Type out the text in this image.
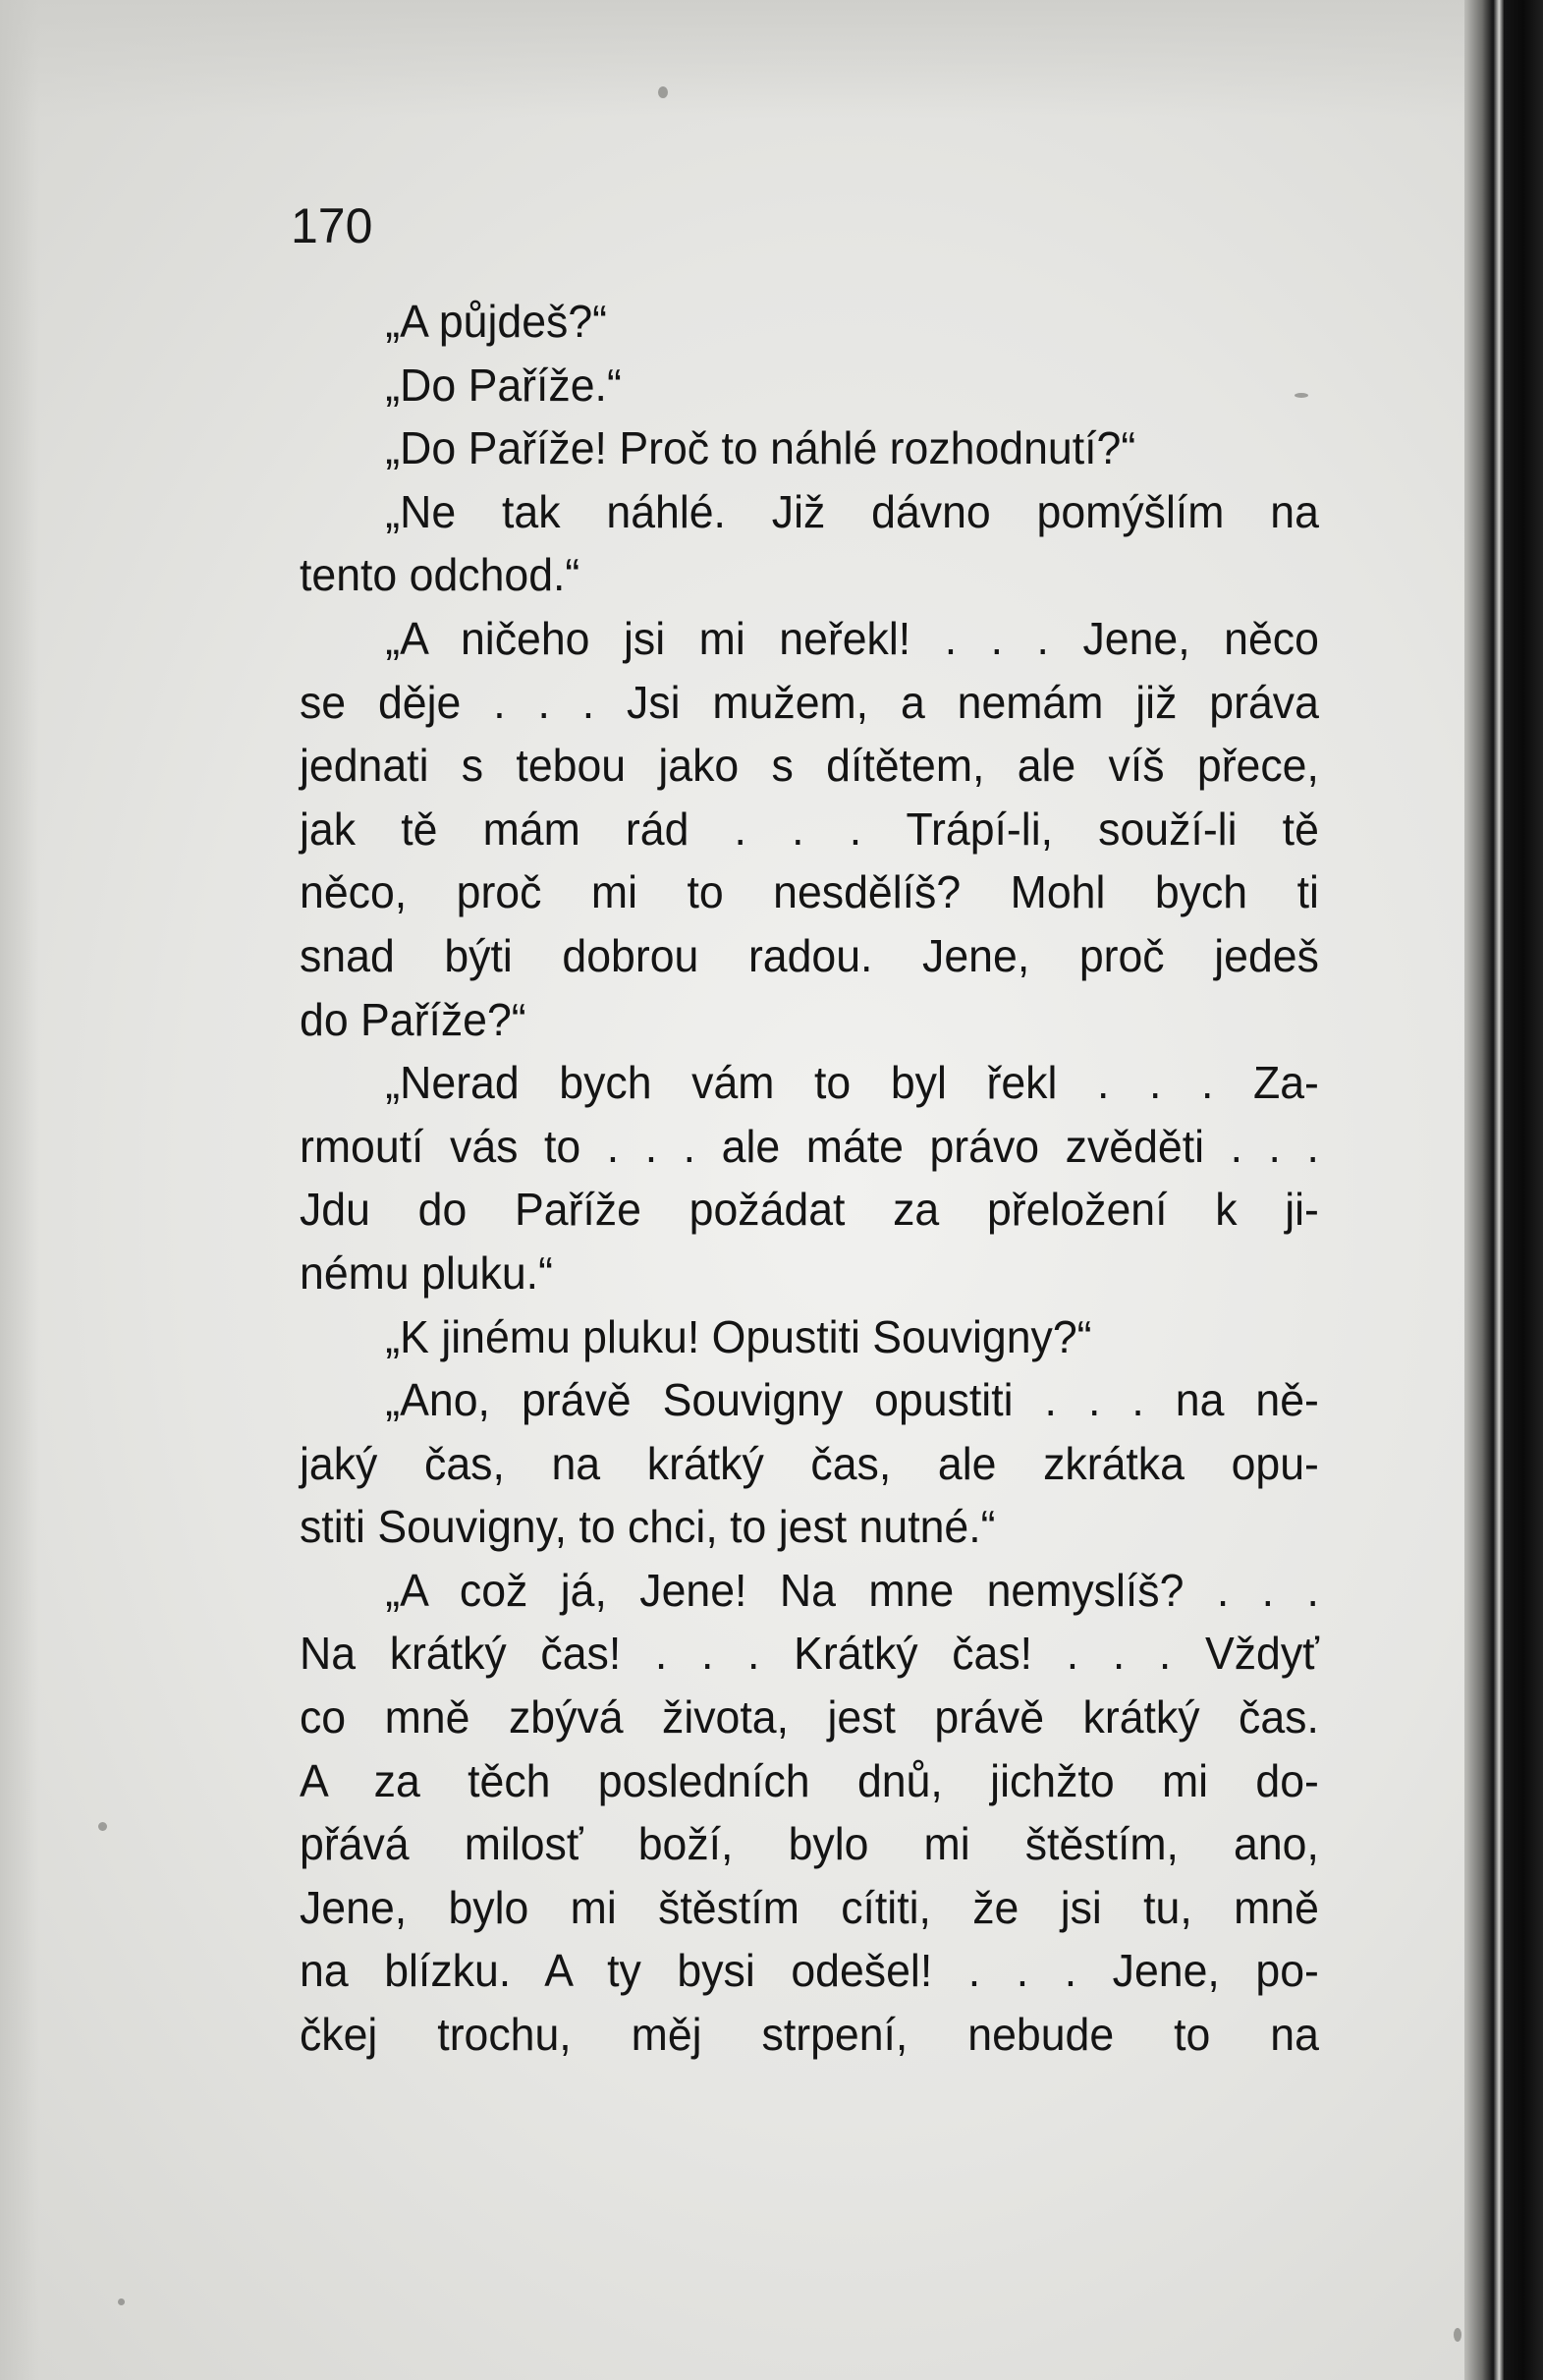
170
„A půjdeš?“
„Do Paříže.“
„Do Paříže! Proč to náhlé rozhodnutí?“
„Ne tak náhlé. Již dávno pomýšlím na
tento odchod.“
„A ničeho jsi mi neřekl! . . . Jene, něco
se děje . . . Jsi mužem, a nemám již práva
jednati s tebou jako s dítětem, ale víš přece,
jak tě mám rád . . . Trápí-li, souží-li tě
něco, proč mi to nesdělíš? Mohl bych ti
snad býti dobrou radou. Jene, proč jedeš
do Paříže?“
„Nerad bych vám to byl řekl . . . Za-
rmoutí vás to . . . ale máte právo zvěděti . . .
Jdu do Paříže požádat za přeložení k ji-
nému pluku.“
„K jinému pluku! Opustiti Souvigny?“
„Ano, právě Souvigny opustiti . . . na ně-
jaký čas, na krátký čas, ale zkrátka opu-
stiti Souvigny, to chci, to jest nutné.“
„A což já, Jene! Na mne nemyslíš? . . .
Na krátký čas! . . . Krátký čas! . . . Vždyť
co mně zbývá života, jest právě krátký čas.
A za těch posledních dnů, jichžto mi do-
přává milosť boží, bylo mi štěstím, ano,
Jene, bylo mi štěstím cítiti, že jsi tu, mně
na blízku. A ty bysi odešel! . . . Jene, po-
čkej trochu, měj strpení, nebude to na
